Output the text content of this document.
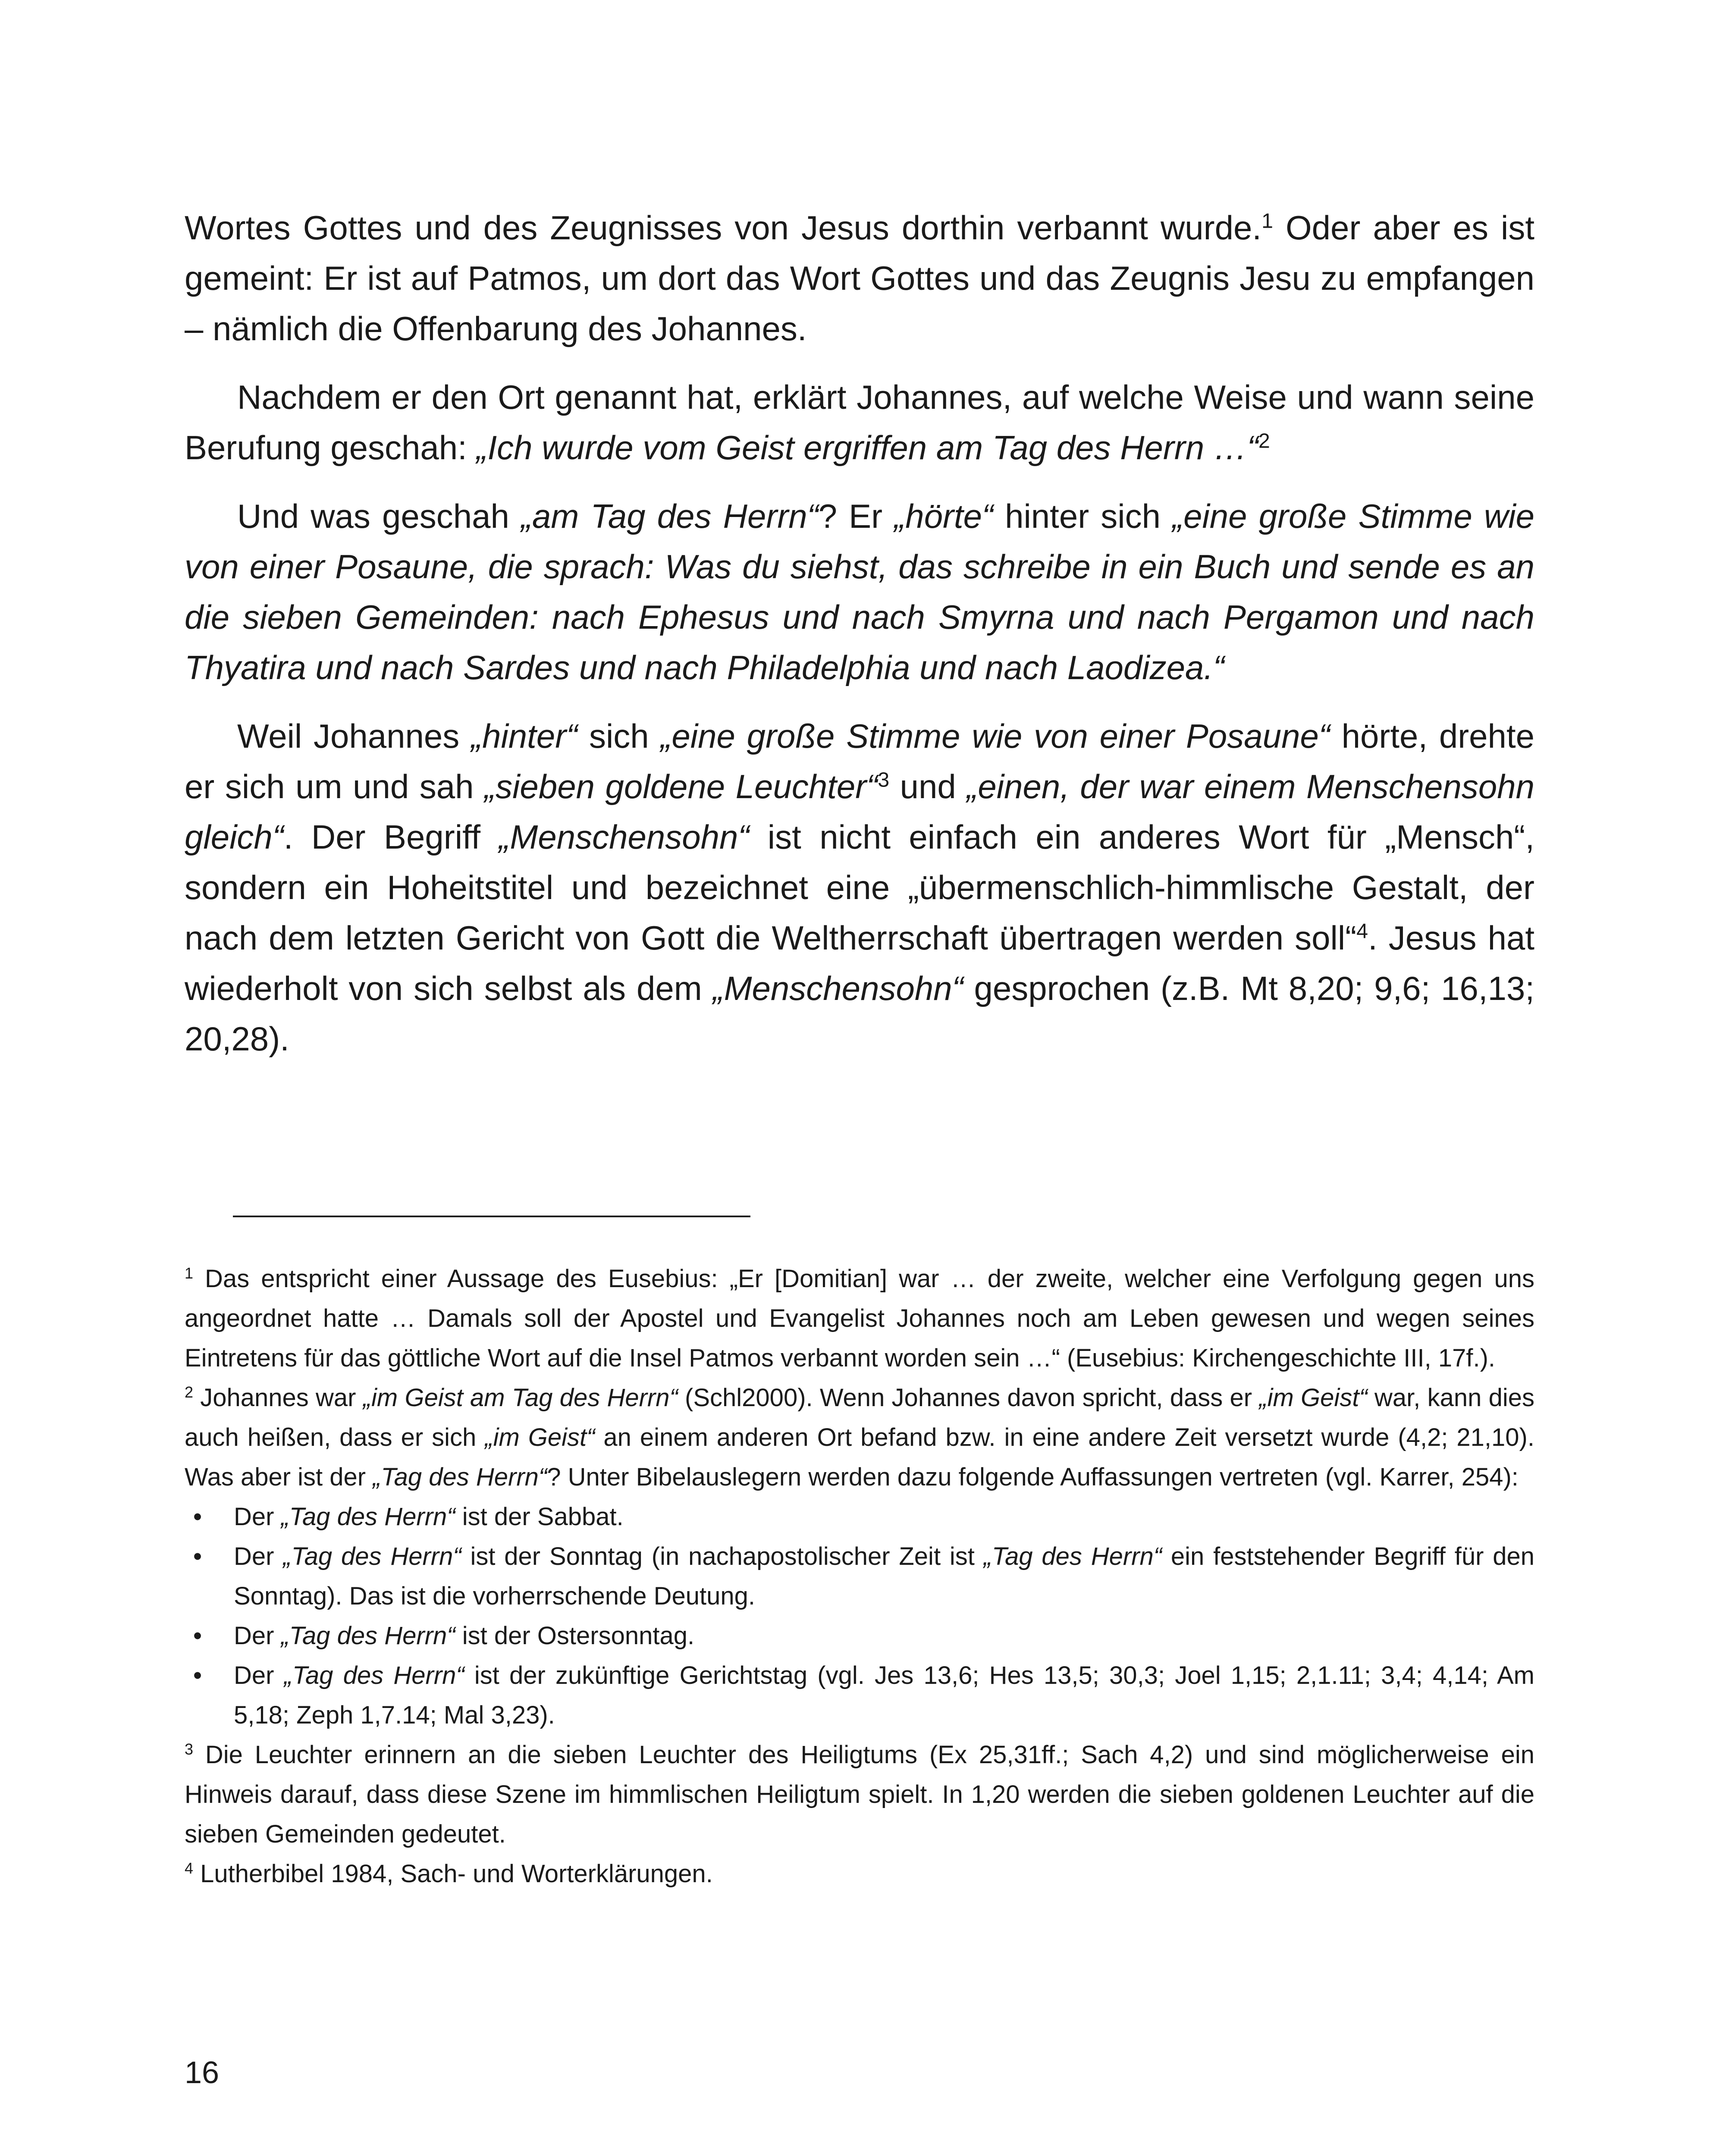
Wortes Gottes und des Zeugnisses von Jesus dorthin verbannt wurde.$^1$ Oder aber es ist gemeint: Er ist auf Patmos, um dort das Wort Gottes und das Zeugnis Jesu zu empfangen – nämlich die Offenbarung des Johannes.

Nachdem er den Ort genannt hat, erklärt Johannes, auf welche Weise und wann seine Berufung geschah: „Ich wurde vom Geist ergriffen am Tag des Herrn …“$^2$

Und was geschah „am Tag des Herrn“? Er „hörte“ hinter sich „eine große Stimme wie von einer Posaune, die sprach: Was du siehst, das schreibe in ein Buch und sende es an die sieben Gemeinden: nach Ephesus und nach Smyrna und nach Pergamon und nach Thyatira und nach Sardes und nach Philadelphia und nach Laodizea.“

Weil Johannes „hinter“ sich „eine große Stimme wie von einer Posaune“ hörte, drehte er sich um und sah „sieben goldene Leuchter“$^3$ und „einen, der war einem Menschensohn gleich“. Der Begriff „Menschensohn“ ist nicht einfach ein anderes Wort für „Mensch“, sondern ein Hoheitstitel und bezeichnet eine „übermenschlich-himmlische Gestalt, der nach dem letzten Gericht von Gott die Weltherrschaft übertragen werden soll“$^4$. Jesus hat wiederholt von sich selbst als dem „Menschensohn“ gesprochen (z.B. Mt 8,20; 9,6; 16,13; 20,28).

$^1$ Das entspricht einer Aussage des Eusebius: „Er [Domitian] war … der zweite, welcher eine Verfolgung gegen uns angeordnet hatte … Damals soll der Apostel und Evangelist Johannes noch am Leben gewesen und wegen seines Eintretens für das göttliche Wort auf die Insel Patmos verbannt worden sein …“ (Eusebius: Kirchengeschichte III, 17f.).

$^2$ Johannes war „im Geist am Tag des Herrn“ (Schl2000). Wenn Johannes davon spricht, dass er „im Geist“ war, kann dies auch heißen, dass er sich „im Geist“ an einem anderen Ort befand bzw. in eine andere Zeit versetzt wurde (4,2; 21,10). Was aber ist der „Tag des Herrn“? Unter Bibelauslegern werden dazu folgende Auffassungen vertreten (vgl. Karrer, 254):

•	Der „Tag des Herrn“ ist der Sabbat.
•	Der „Tag des Herrn“ ist der Sonntag (in nachapostolischer Zeit ist „Tag des Herrn“ ein feststehender Begriff für den Sonntag). Das ist die vorherrschende Deutung.
•	Der „Tag des Herrn“ ist der Ostersonntag.
•	Der „Tag des Herrn“ ist der zukünftige Gerichtstag (vgl. Jes 13,6; Hes 13,5; 30,3; Joel 1,15; 2,1.11; 3,4; 4,14; Am 5,18; Zeph 1,7.14; Mal 3,23).

$^3$ Die Leuchter erinnern an die sieben Leuchter des Heiligtums (Ex 25,31ff.; Sach 4,2) und sind möglicherweise ein Hinweis darauf, dass diese Szene im himmlischen Heiligtum spielt. In 1,20 werden die sieben goldenen Leuchter auf die sieben Gemeinden gedeutet.

$^4$ Lutherbibel 1984, Sach- und Worterklärungen.

16
